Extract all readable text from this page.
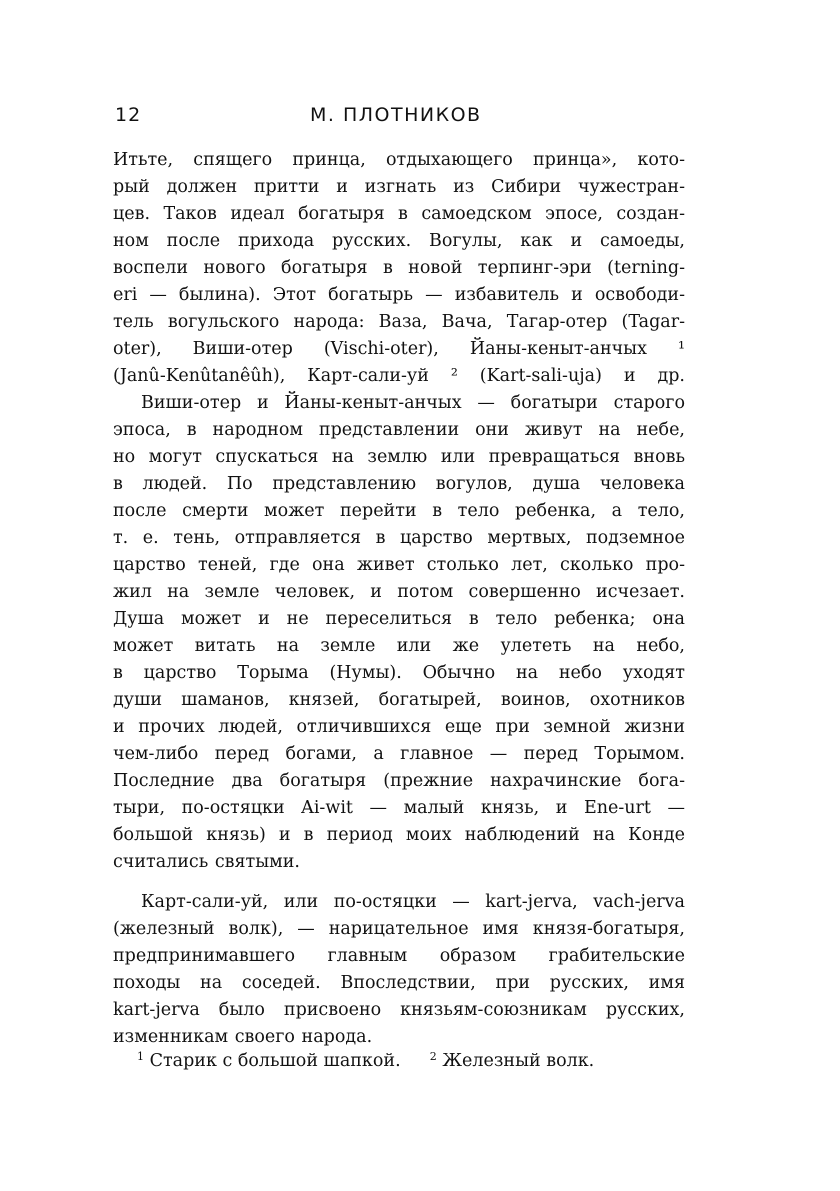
12	М. ПЛОТНИКОВ
Итьте, спящего принца, отдыхающего принца», кото-
рый должен притти и изгнать из Сибири чужестран-
цев. Таков идеал богатыря в самоедском эпосе, создан-
ном после прихода русских. Вогулы, как и самоеды,
воспели нового богатыря в новой терпинг-эри (terning-
eri — былина). Этот богатырь — избавитель и освободи-
тель вогульского народа: Ваза, Вача, Тагар-отер (Tagar-
oter), Виши-отер (Vischi-oter), Йаны-кеныт-анчых ¹
(Janû-Kenûtanêûh), Карт-сали-уй ² (Kart-sali-uja) и др.
Виши-отер и Йаны-кеныт-анчых — богатыри старого
эпоса, в народном представлении они живут на небе,
но могут спускаться на землю или превращаться вновь
в людей. По представлению вогулов, душа человека
после смерти может перейти в тело ребенка, а тело,
т. е. тень, отправляется в царство мертвых, подземное
царство теней, где она живет столько лет, сколько про-
жил на земле человек, и потом совершенно исчезает.
Душа может и не переселиться в тело ребенка; она
может витать на земле или же улететь на небо,
в царство Торыма (Нумы). Обычно на небо уходят
души шаманов, князей, богатырей, воинов, охотников
и прочих людей, отличившихся еще при земной жизни
чем-либо перед богами, а главное — перед Торымом.
Последние два богатыря (прежние нахрачинские бога-
тыри, по-остяцки Ai-wit — малый князь, и Ene-urt —
большой князь) и в период моих наблюдений на Конде
считались святыми.
Карт-сали-уй, или по-остяцки — kart-jerva, vach-jerva
(железный волк), — нарицательное имя князя-богатыря,
предпринимавшего главным образом грабительские
походы на соседей. Впоследствии, при русских, имя
kart-jerva было присвоено князьям-союзникам русских,
изменникам своего народа.
$^1$ Старик с большой шапкой.	$^2$ Железный волк.
